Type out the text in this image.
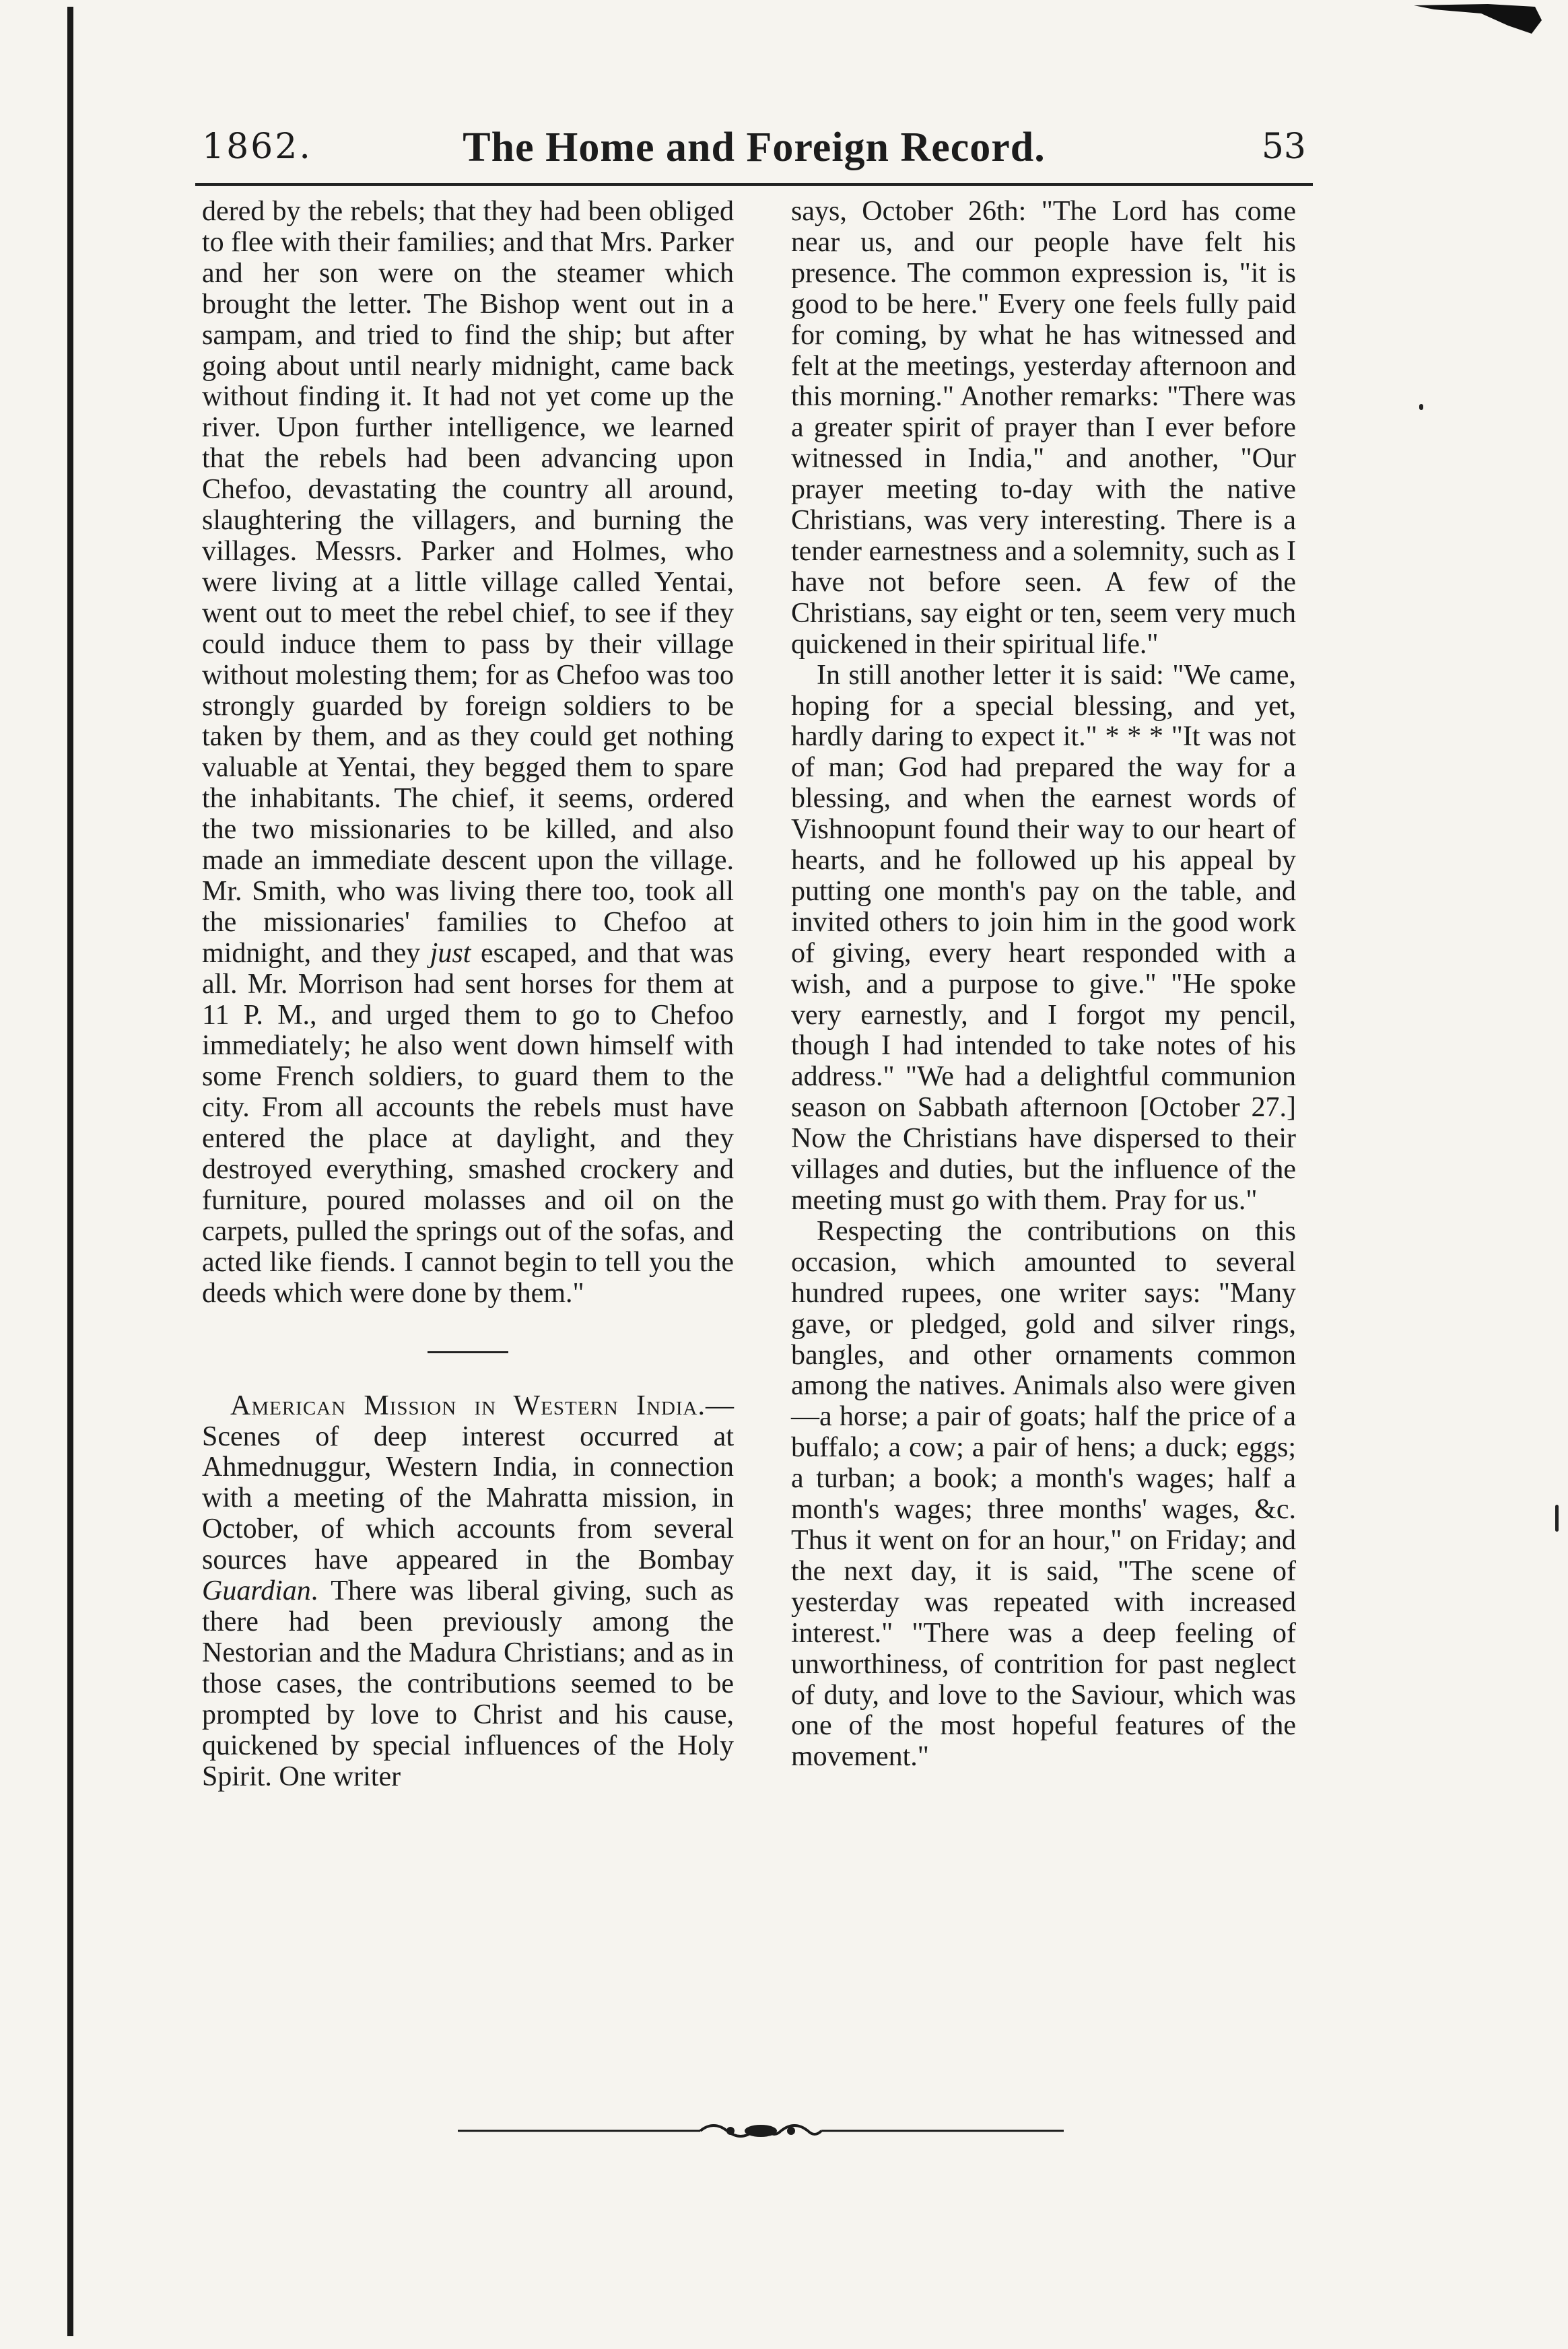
1862.	The Home and Foreign Record.	53

dered by the rebels; that they had been obliged to flee with their families; and that Mrs. Parker and her son were on the steamer which brought the letter. The Bishop went out in a sampam, and tried to find the ship; but after going about until nearly midnight, came back without finding it. It had not yet come up the river. Upon further intelligence, we learned that the rebels had been advancing upon Chefoo, devastating the country all around, slaughtering the villagers, and burning the villages. Messrs. Parker and Holmes, who were living at a little village called Yentai, went out to meet the rebel chief, to see if they could induce them to pass by their village without molesting them; for as Chefoo was too strongly guarded by foreign soldiers to be taken by them, and as they could get nothing valuable at Yentai, they begged them to spare the inhabitants. The chief, it seems, ordered the two missionaries to be killed, and also made an immediate descent upon the village. Mr. Smith, who was living there too, took all the missionaries' families to Chefoo at midnight, and they just escaped, and that was all. Mr. Morrison had sent horses for them at 11 P. M., and urged them to go to Chefoo immediately; he also went down himself with some French soldiers, to guard them to the city. From all accounts the rebels must have entered the place at daylight, and they destroyed everything, smashed crockery and furniture, poured molasses and oil on the carpets, pulled the springs out of the sofas, and acted like fiends. I cannot begin to tell you the deeds which were done by them."

American Mission in Western India.—Scenes of deep interest occurred at Ahmednuggur, Western India, in connection with a meeting of the Mahratta mission, in October, of which accounts from several sources have appeared in the Bombay Guardian. There was liberal giving, such as there had been previously among the Nestorian and the Madura Christians; and as in those cases, the contributions seemed to be prompted by love to Christ and his cause, quickened by special influences of the Holy Spirit. One writer

says, October 26th: "The Lord has come near us, and our people have felt his presence. The common expression is, "it is good to be here." Every one feels fully paid for coming, by what he has witnessed and felt at the meetings, yesterday afternoon and this morning." Another remarks: "There was a greater spirit of prayer than I ever before witnessed in India," and another, "Our prayer meeting to-day with the native Christians, was very interesting. There is a tender earnestness and a solemnity, such as I have not before seen. A few of the Christians, say eight or ten, seem very much quickened in their spiritual life."

In still another letter it is said: "We came, hoping for a special blessing, and yet, hardly daring to expect it." * * * "It was not of man; God had prepared the way for a blessing, and when the earnest words of Vishnoopunt found their way to our heart of hearts, and he followed up his appeal by putting one month's pay on the table, and invited others to join him in the good work of giving, every heart responded with a wish, and a purpose to give." "He spoke very earnestly, and I forgot my pencil, though I had intended to take notes of his address." "We had a delightful communion season on Sabbath afternoon [October 27.] Now the Christians have dispersed to their villages and duties, but the influence of the meeting must go with them. Pray for us."

Respecting the contributions on this occasion, which amounted to several hundred rupees, one writer says: "Many gave, or pledged, gold and silver rings, bangles, and other ornaments common among the natives. Animals also were given—a horse; a pair of goats; half the price of a buffalo; a cow; a pair of hens; a duck; eggs; a turban; a book; a month's wages; half a month's wages; three months' wages, &c. Thus it went on for an hour," on Friday; and the next day, it is said, "The scene of yesterday was repeated with increased interest." "There was a deep feeling of unworthiness, of contrition for past neglect of duty, and love to the Saviour, which was one of the most hopeful features of the movement."
